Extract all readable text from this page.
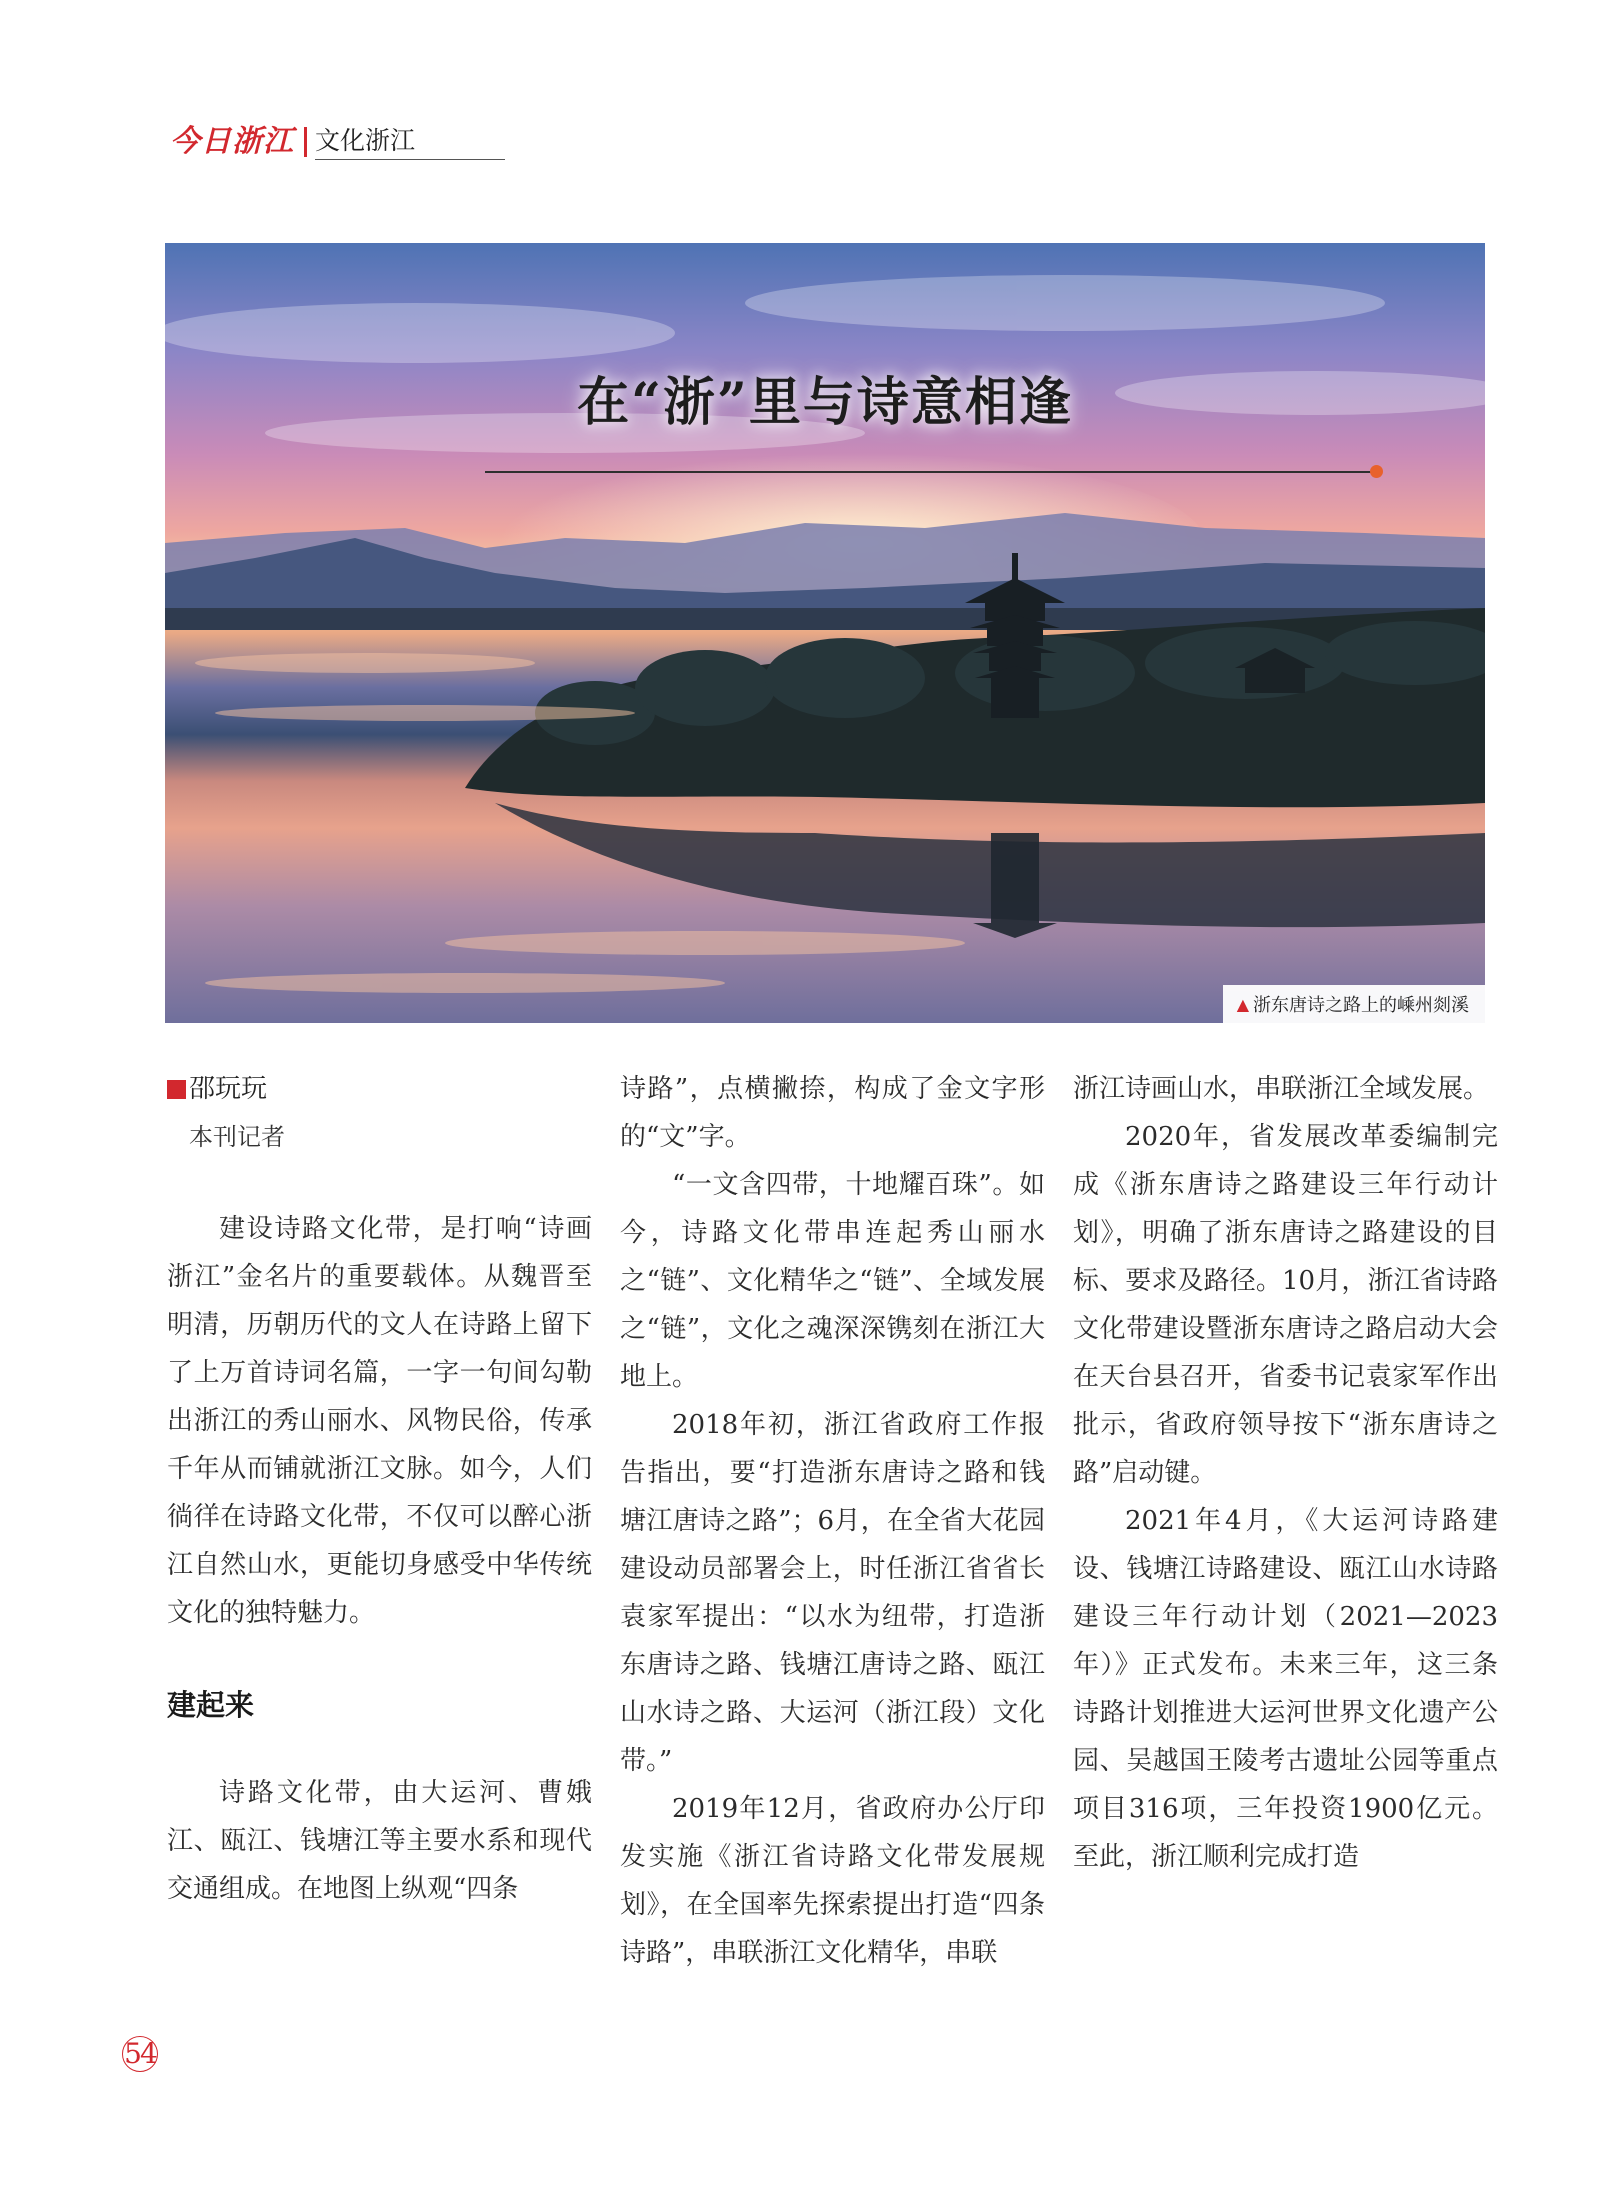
今日浙江 文化浙江
在“浙”里与诗意相逢
▲ 浙东唐诗之路上的嵊州剡溪
邵玩玩
本刊记者

建设诗路文化带，是打响“诗画浙江”金名片的重要载体。从魏晋至明清，历朝历代的文人在诗路上留下了上万首诗词名篇，一字一句间勾勒出浙江的秀山丽水、风物民俗，传承千年从而铺就浙江文脉。如今，人们徜徉在诗路文化带，不仅可以醉心浙江自然山水，更能切身感受中华传统文化的独特魅力。

建起来

诗路文化带，由大运河、曹娥江、瓯江、钱塘江等主要水系和现代交通组成。在地图上纵观“四条

诗路”，点横撇捺，构成了金文字形的“文”字。

“一文含四带，十地耀百珠”。如今，诗路文化带串连起秀山丽水之“链”、文化精华之“链”、全域发展之“链”，文化之魂深深镌刻在浙江大地上。

2018年初，浙江省政府工作报告指出，要“打造浙东唐诗之路和钱塘江唐诗之路”；6月，在全省大花园建设动员部署会上，时任浙江省省长袁家军提出：“以水为纽带，打造浙东唐诗之路、钱塘江唐诗之路、瓯江山水诗之路、大运河（浙江段）文化带。”

2019年12月，省政府办公厅印发实施《浙江省诗路文化带发展规划》，在全国率先探索提出打造“四条诗路”，串联浙江文化精华，串联

浙江诗画山水，串联浙江全域发展。

2020年，省发展改革委编制完成《浙东唐诗之路建设三年行动计划》，明确了浙东唐诗之路建设的目标、要求及路径。10月，浙江省诗路文化带建设暨浙东唐诗之路启动大会在天台县召开，省委书记袁家军作出批示，省政府领导按下“浙东唐诗之路”启动键。

2021年4月，《大运河诗路建设、钱塘江诗路建设、瓯江山水诗路建设三年行动计划（2021—2023年）》正式发布。未来三年，这三条诗路计划推进大运河世界文化遗产公园、吴越国王陵考古遗址公园等重点项目316项，三年投资1900亿元。至此，浙江顺利完成打造

54
